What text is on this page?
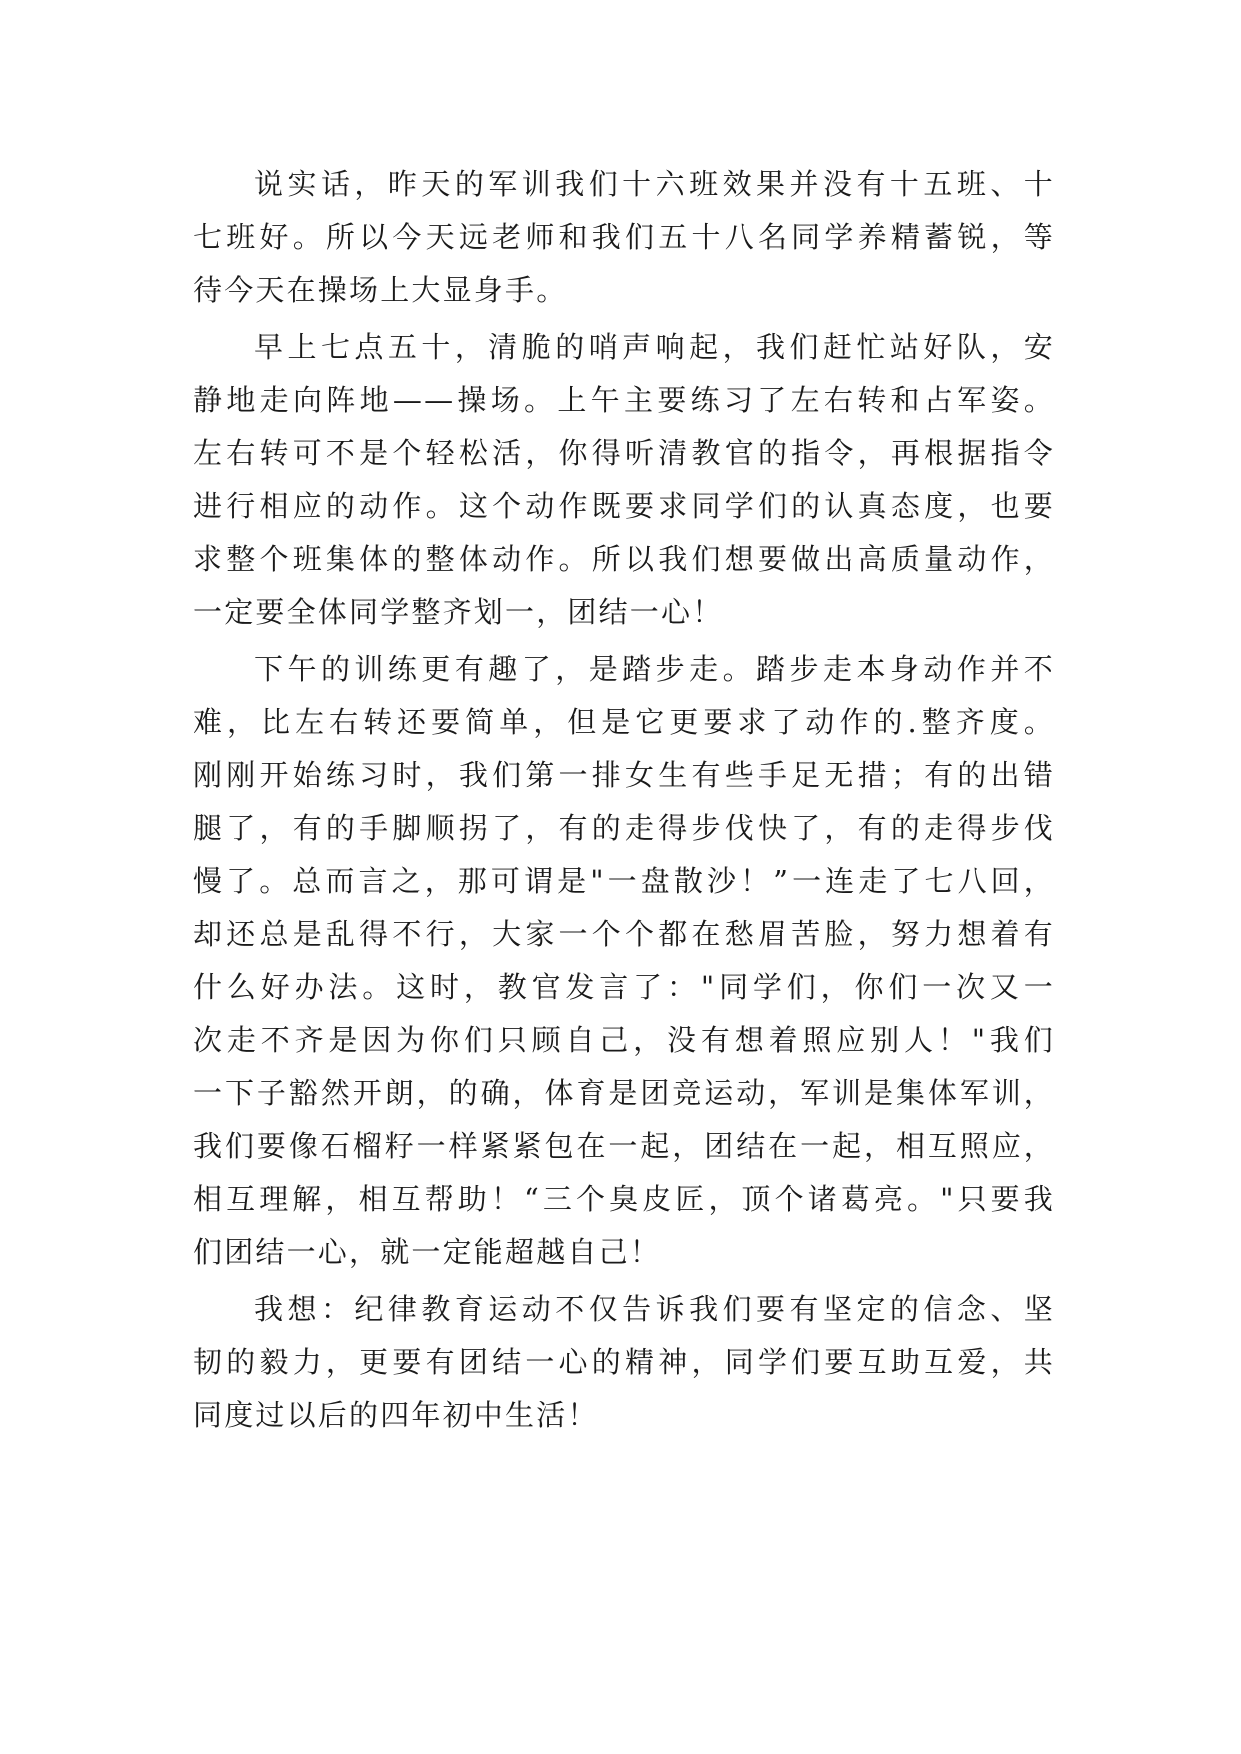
说实话，昨天的军训我们十六班效果并没有十五班、十
七班好。所以今天远老师和我们五十八名同学养精蓄锐，等
待今天在操场上大显身手。
早上七点五十，清脆的哨声响起，我们赶忙站好队，安
静地走向阵地——操场。上午主要练习了左右转和占军姿。
左右转可不是个轻松活，你得听清教官的指令，再根据指令
进行相应的动作。这个动作既要求同学们的认真态度，也要
求整个班集体的整体动作。所以我们想要做出高质量动作，
一定要全体同学整齐划一，团结一心！
下午的训练更有趣了，是踏步走。踏步走本身动作并不
难，比左右转还要简单，但是它更要求了动作的.整齐度。
刚刚开始练习时，我们第一排女生有些手足无措；有的出错
腿了，有的手脚顺拐了，有的走得步伐快了，有的走得步伐
慢了。总而言之，那可谓是"一盘散沙！”一连走了七八回，
却还总是乱得不行，大家一个个都在愁眉苦脸，努力想着有
什么好办法。这时，教官发言了："同学们，你们一次又一
次走不齐是因为你们只顾自己，没有想着照应别人！"我们
一下子豁然开朗，的确，体育是团竞运动，军训是集体军训，
我们要像石榴籽一样紧紧包在一起，团结在一起，相互照应，
相互理解，相互帮助！“三个臭皮匠，顶个诸葛亮。"只要我
们团结一心，就一定能超越自己！
我想：纪律教育运动不仅告诉我们要有坚定的信念、坚
韧的毅力，更要有团结一心的精神，同学们要互助互爱，共
同度过以后的四年初中生活！
